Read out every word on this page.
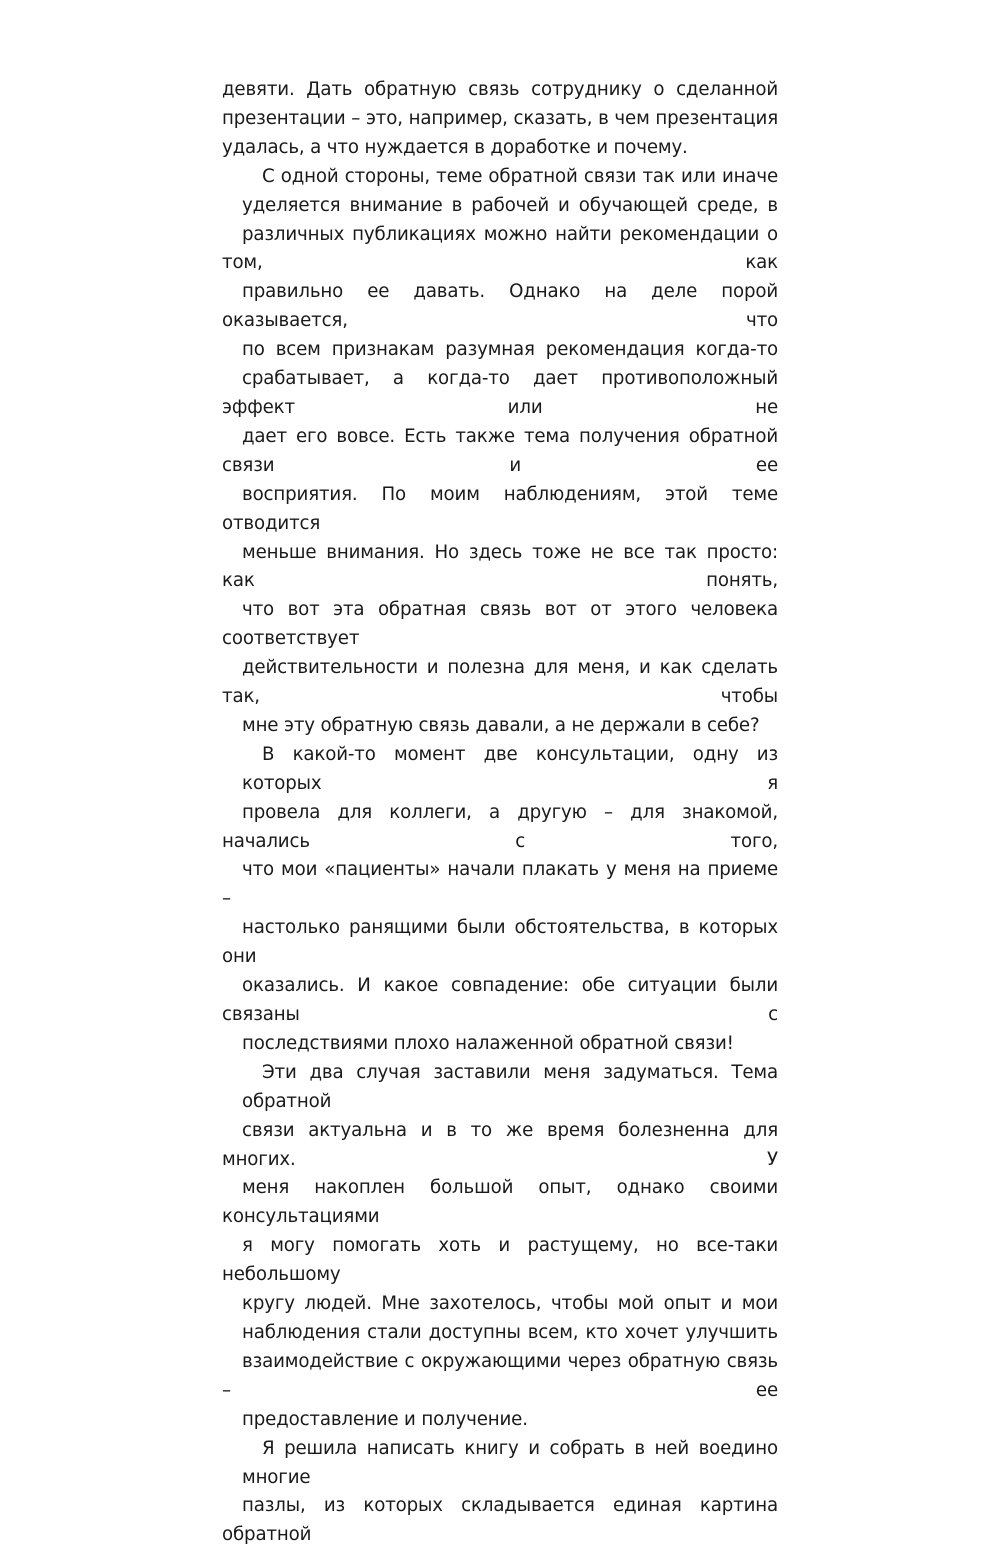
девяти. Дать обратную связь сотруднику о сделанной
презентации – это, например, сказать, в чем презентация
удалась, а что нуждается в доработке и почему.

С одной стороны, теме обратной связи так или иначе
уделяется внимание в рабочей и обучающей среде, в
различных публикациях можно найти рекомендации о том, как
правильно ее давать. Однако на деле порой оказывается, что
по всем признакам разумная рекомендация когда-то
срабатывает, а когда-то дает противоположный эффект или не
дает его вовсе. Есть также тема получения обратной связи и ее
восприятия. По моим наблюдениям, этой теме отводится
меньше внимания. Но здесь тоже не все так просто: как понять,
что вот эта обратная связь вот от этого человека соответствует
действительности и полезна для меня, и как сделать так, чтобы
мне эту обратную связь давали, а не держали в себе?

В какой-то момент две консультации, одну из которых я
провела для коллеги, а другую – для знакомой, начались с того,
что мои «пациенты» начали плакать у меня на приеме –
настолько ранящими были обстоятельства, в которых они
оказались. И какое совпадение: обе ситуации были связаны с
последствиями плохо налаженной обратной связи!

Эти два случая заставили меня задуматься. Тема обратной
связи актуальна и в то же время болезненна для многих. У
меня накоплен большой опыт, однако своими консультациями
я могу помогать хоть и растущему, но все-таки небольшому
кругу людей. Мне захотелось, чтобы мой опыт и мои
наблюдения стали доступны всем, кто хочет улучшить
взаимодействие с окружающими через обратную связь – ее
предоставление и получение.

Я решила написать книгу и собрать в ней воедино многие
пазлы, из которых складывается единая картина обратной
